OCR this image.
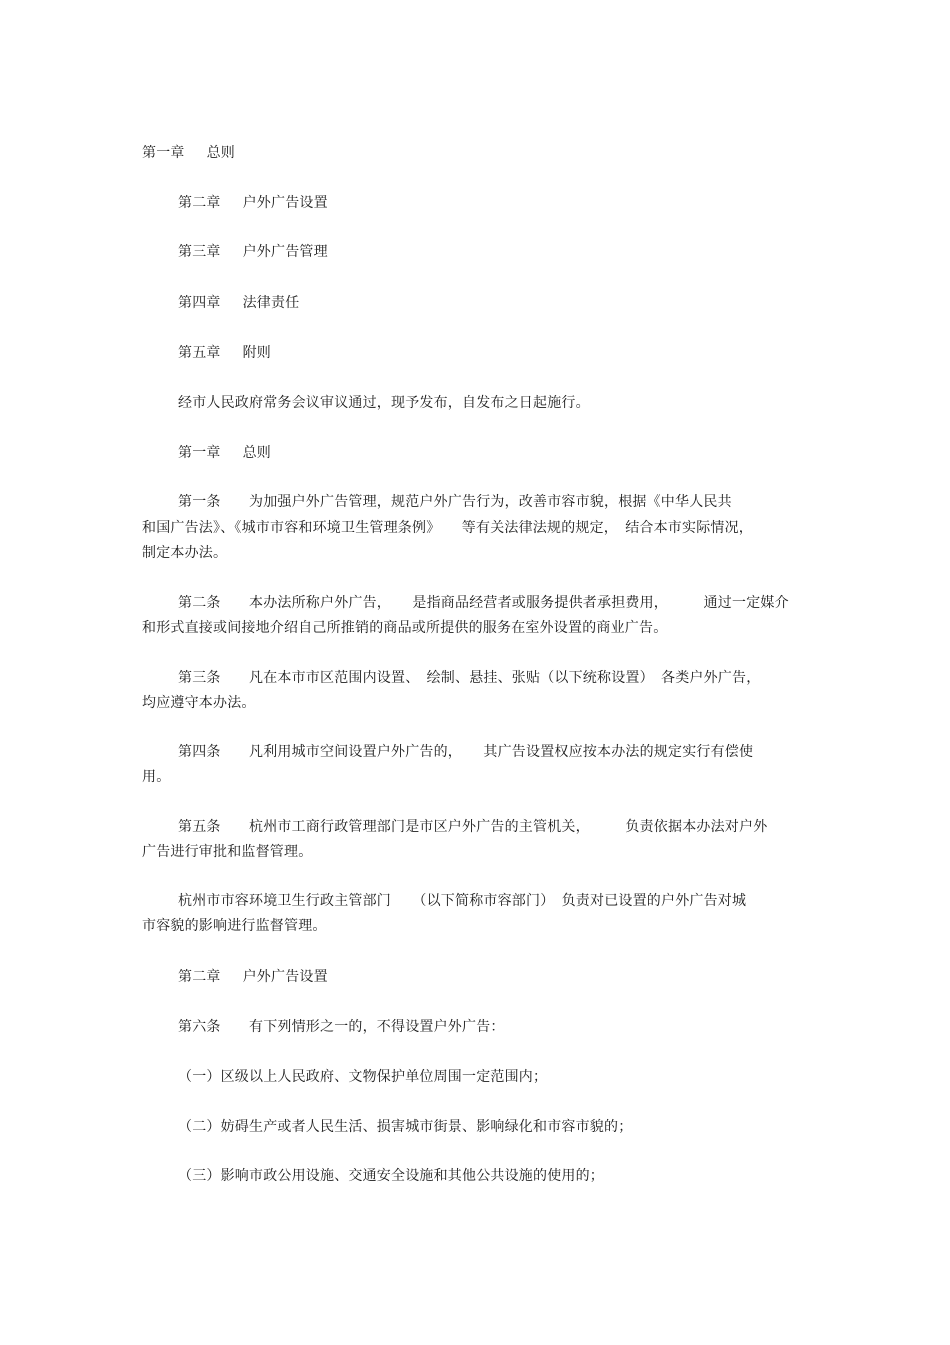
第一章 总则
第二章 户外广告设置
第三章 户外广告管理
第四章 法律责任
第五章 附则
经市人民政府常务会议审议通过，现予发布，自发布之日起施行。
第一章 总则
第一条　　为加强户外广告管理，规范户外广告行为，改善市容市貌，根据《中华人民共
和国广告法》、《城市市容和环境卫生管理条例》　　等有关法律法规的规定，　结合本市实际情况，
制定本办法。
第二条　　本办法所称户外广告，　　是指商品经营者或服务提供者承担费用，　　　通过一定媒介
和形式直接或间接地介绍自己所推销的商品或所提供的服务在室外设置的商业广告。
第三条　　凡在本市市区范围内设置、　绘制、悬挂、张贴（以下统称设置）　各类户外广告，
均应遵守本办法。
第四条　　凡利用城市空间设置户外广告的，　　其广告设置权应按本办法的规定实行有偿使
用。
第五条　　杭州市工商行政管理部门是市区户外广告的主管机关，　　　负责依据本办法对户外
广告进行审批和监督管理。
杭州市市容环境卫生行政主管部门　　（以下简称市容部门）　负责对已设置的户外广告对城
市容貌的影响进行监督管理。
第二章 户外广告设置
第六条　　有下列情形之一的，不得设置户外广告：
（一）区级以上人民政府、文物保护单位周围一定范围内；
（二）妨碍生产或者人民生活、损害城市街景、影响绿化和市容市貌的；
（三）影响市政公用设施、交通安全设施和其他公共设施的使用的；
